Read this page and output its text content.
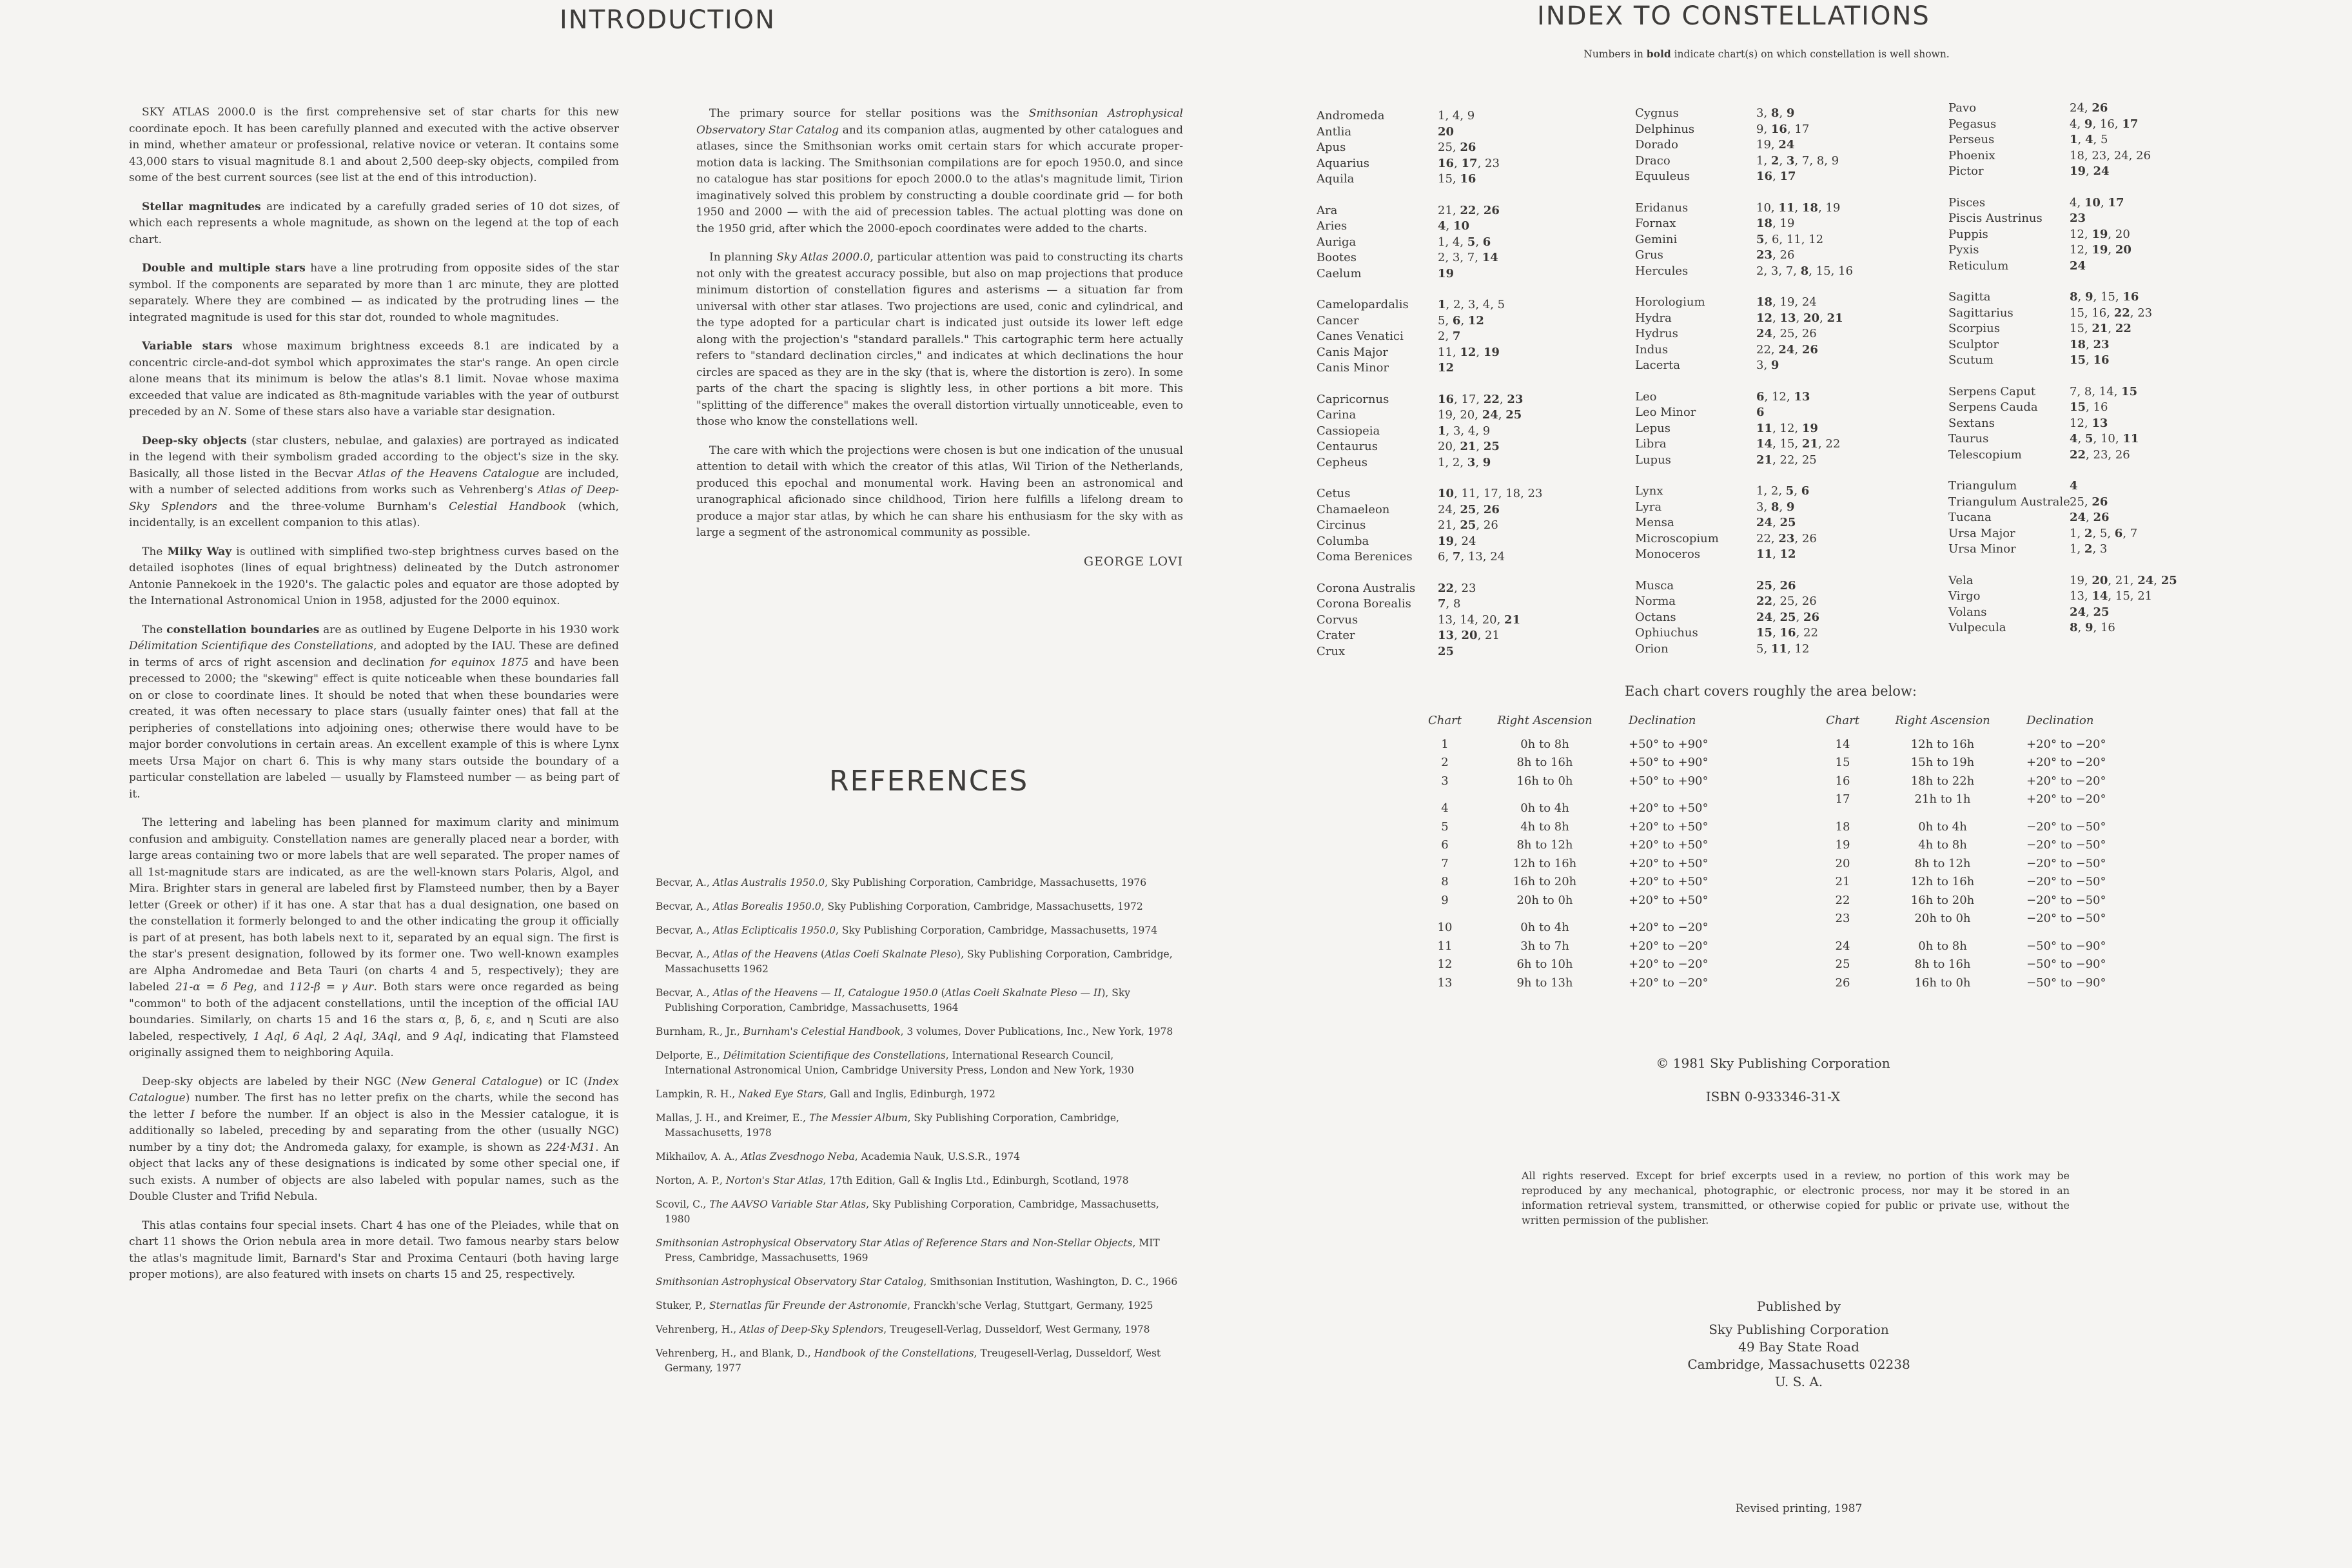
INTRODUCTION

SKY ATLAS 2000.0 is the first comprehensive set of star charts for this new coordinate epoch. It has been carefully planned and executed with the active observer in mind, whether amateur or professional, relative novice or veteran. It contains some 43,000 stars to visual magnitude 8.1 and about 2,500 deep-sky objects, compiled from some of the best current sources (see list at the end of this introduction).

Stellar magnitudes are indicated by a carefully graded series of 10 dot sizes, of which each represents a whole magnitude, as shown on the legend at the top of each chart.

Double and multiple stars have a line protruding from opposite sides of the star symbol. If the components are separated by more than 1 arc minute, they are plotted separately. Where they are combined — as indicated by the protruding lines — the integrated magnitude is used for this star dot, rounded to whole magnitudes.

Variable stars whose maximum brightness exceeds 8.1 are indicated by a concentric circle-and-dot symbol which approximates the star's range. An open circle alone means that its minimum is below the atlas's 8.1 limit. Novae whose maxima exceeded that value are indicated as 8th-magnitude variables with the year of outburst preceded by an N. Some of these stars also have a variable star designation.

Deep-sky objects (star clusters, nebulae, and galaxies) are portrayed as indicated in the legend with their symbolism graded according to the object's size in the sky. Basically, all those listed in the Becvar Atlas of the Heavens Catalogue are included, with a number of selected additions from works such as Vehrenberg's Atlas of Deep-Sky Splendors and the three-volume Burnham's Celestial Handbook (which, incidentally, is an excellent companion to this atlas).

The Milky Way is outlined with simplified two-step brightness curves based on the detailed isophotes (lines of equal brightness) delineated by the Dutch astronomer Antonie Pannekoek in the 1920's. The galactic poles and equator are those adopted by the International Astronomical Union in 1958, adjusted for the 2000 equinox.

The constellation boundaries are as outlined by Eugene Delporte in his 1930 work Délimitation Scientifique des Constellations, and adopted by the IAU. These are defined in terms of arcs of right ascension and declination for equinox 1875 and have been precessed to 2000; the "skewing" effect is quite noticeable when these boundaries fall on or close to coordinate lines. It should be noted that when these boundaries were created, it was often necessary to place stars (usually fainter ones) that fall at the peripheries of constellations into adjoining ones; otherwise there would have to be major border convolutions in certain areas. An excellent example of this is where Lynx meets Ursa Major on chart 6. This is why many stars outside the boundary of a particular constellation are labeled — usually by Flamsteed number — as being part of it.

The lettering and labeling has been planned for maximum clarity and minimum confusion and ambiguity. Constellation names are generally placed near a border, with large areas containing two or more labels that are well separated. The proper names of all 1st-magnitude stars are indicated, as are the well-known stars Polaris, Algol, and Mira. Brighter stars in general are labeled first by Flamsteed number, then by a Bayer letter (Greek or other) if it has one. A star that has a dual designation, one based on the constellation it formerly belonged to and the other indicating the group it officially is part of at present, has both labels next to it, separated by an equal sign. The first is the star's present designation, followed by its former one. Two well-known examples are Alpha Andromedae and Beta Tauri (on charts 4 and 5, respectively); they are labeled 21-α = δ Peg, and 112-β = γ Aur. Both stars were once regarded as being "common" to both of the adjacent constellations, until the inception of the official IAU boundaries. Similarly, on charts 15 and 16 the stars α, β, δ, ε, and η Scuti are also labeled, respectively, 1 Aql, 6 Aql, 2 Aql, 3Aql, and 9 Aql, indicating that Flamsteed originally assigned them to neighboring Aquila.

Deep-sky objects are labeled by their NGC (New General Catalogue) or IC (Index Catalogue) number. The first has no letter prefix on the charts, while the second has the letter I before the number. If an object is also in the Messier catalogue, it is additionally so labeled, preceding by and separating from the other (usually NGC) number by a tiny dot; the Andromeda galaxy, for example, is shown as 224·M31. An object that lacks any of these designations is indicated by some other special one, if such exists. A number of objects are also labeled with popular names, such as the Double Cluster and Trifid Nebula.

This atlas contains four special insets. Chart 4 has one of the Pleiades, while that on chart 11 shows the Orion nebula area in more detail. Two famous nearby stars below the atlas's magnitude limit, Barnard's Star and Proxima Centauri (both having large proper motions), are also featured with insets on charts 15 and 25, respectively.

The primary source for stellar positions was the Smithsonian Astrophysical Observatory Star Catalog and its companion atlas, augmented by other catalogues and atlases, since the Smithsonian works omit certain stars for which accurate proper-motion data is lacking. The Smithsonian compilations are for epoch 1950.0, and since no catalogue has star positions for epoch 2000.0 to the atlas's magnitude limit, Tirion imaginatively solved this problem by constructing a double coordinate grid — for both 1950 and 2000 — with the aid of precession tables. The actual plotting was done on the 1950 grid, after which the 2000-epoch coordinates were added to the charts.

In planning Sky Atlas 2000.0, particular attention was paid to constructing its charts not only with the greatest accuracy possible, but also on map projections that produce minimum distortion of constellation figures and asterisms — a situation far from universal with other star atlases. Two projections are used, conic and cylindrical, and the type adopted for a particular chart is indicated just outside its lower left edge along with the projection's "standard parallels." This cartographic term here actually refers to "standard declination circles," and indicates at which declinations the hour circles are spaced as they are in the sky (that is, where the distortion is zero). In some parts of the chart the spacing is slightly less, in other portions a bit more. This "splitting of the difference" makes the overall distortion virtually unnoticeable, even to those who know the constellations well.

The care with which the projections were chosen is but one indication of the unusual attention to detail with which the creator of this atlas, Wil Tirion of the Netherlands, produced this epochal and monumental work. Having been an astronomical and uranographical aficionado since childhood, Tirion here fulfills a lifelong dream to produce a major star atlas, by which he can share his enthusiasm for the sky with as large a segment of the astronomical community as possible.

GEORGE LOVI
REFERENCES

Becvar, A., Atlas Australis 1950.0, Sky Publishing Corporation, Cambridge, Massachusetts, 1976

Becvar, A., Atlas Borealis 1950.0, Sky Publishing Corporation, Cambridge, Massachusetts, 1972

Becvar, A., Atlas Eclipticalis 1950.0, Sky Publishing Corporation, Cambridge, Massachusetts, 1974

Becvar, A., Atlas of the Heavens (Atlas Coeli Skalnate Pleso), Sky Publishing Corporation, Cambridge, Massachusetts 1962

Becvar, A., Atlas of the Heavens — II, Catalogue 1950.0 (Atlas Coeli Skalnate Pleso — II), Sky Publishing Corporation, Cambridge, Massachusetts, 1964

Burnham, R., Jr., Burnham's Celestial Handbook, 3 volumes, Dover Publications, Inc., New York, 1978

Delporte, E., Délimitation Scientifique des Constellations, International Research Council, International Astronomical Union, Cambridge University Press, London and New York, 1930

Lampkin, R. H., Naked Eye Stars, Gall and Inglis, Edinburgh, 1972

Mallas, J. H., and Kreimer, E., The Messier Album, Sky Publishing Corporation, Cambridge, Massachusetts, 1978

Mikhailov, A. A., Atlas Zvesdnogo Neba, Academia Nauk, U.S.S.R., 1974

Norton, A. P., Norton's Star Atlas, 17th Edition, Gall & Inglis Ltd., Edinburgh, Scotland, 1978

Scovil, C., The AAVSO Variable Star Atlas, Sky Publishing Corporation, Cambridge, Massachusetts, 1980

Smithsonian Astrophysical Observatory Star Atlas of Reference Stars and Non-Stellar Objects, MIT Press, Cambridge, Massachusetts, 1969

Smithsonian Astrophysical Observatory Star Catalog, Smithsonian Institution, Washington, D. C., 1966

Stuker, P., Sternatlas für Freunde der Astronomie, Franckh'sche Verlag, Stuttgart, Germany, 1925

Vehrenberg, H., Atlas of Deep-Sky Splendors, Treugesell-Verlag, Dusseldorf, West Germany, 1978

Vehrenberg, H., and Blank, D., Handbook of the Constellations, Treugesell-Verlag, Dusseldorf, West Germany, 1977

INDEX TO CONSTELLATIONS
Numbers in bold indicate chart(s) on which constellation is well shown.
Andromeda	1, 4, 9
Antlia	20
Apus	25, 26
Aquarius	16, 17, 23
Aquila	15, 16
Ara	21, 22, 26
Aries	4, 10
Auriga	1, 4, 5, 6
Bootes	2, 3, 7, 14
Caelum	19
Camelopardalis	1, 2, 3, 4, 5
Cancer	5, 6, 12
Canes Venatici	2, 7
Canis Major	11, 12, 19
Canis Minor	12
Capricornus	16, 17, 22, 23
Carina	19, 20, 24, 25
Cassiopeia	1, 3, 4, 9
Centaurus	20, 21, 25
Cepheus	1, 2, 3, 9
Cetus	10, 11, 17, 18, 23
Chamaeleon	24, 25, 26
Circinus	21, 25, 26
Columba	19, 24
Coma Berenices	6, 7, 13, 24
Corona Australis	22, 23
Corona Borealis	7, 8
Corvus	13, 14, 20, 21
Crater	13, 20, 21
Crux	25
Cygnus	3, 8, 9
Delphinus	9, 16, 17
Dorado	19, 24
Draco	1, 2, 3, 7, 8, 9
Equuleus	16, 17
Eridanus	10, 11, 18, 19
Fornax	18, 19
Gemini	5, 6, 11, 12
Grus	23, 26
Hercules	2, 3, 7, 8, 15, 16
Horologium	18, 19, 24
Hydra	12, 13, 20, 21
Hydrus	24, 25, 26
Indus	22, 24, 26
Lacerta	3, 9
Leo	6, 12, 13
Leo Minor	6
Lepus	11, 12, 19
Libra	14, 15, 21, 22
Lupus	21, 22, 25
Lynx	1, 2, 5, 6
Lyra	3, 8, 9
Mensa	24, 25
Microscopium	22, 23, 26
Monoceros	11, 12
Musca	25, 26
Norma	22, 25, 26
Octans	24, 25, 26
Ophiuchus	15, 16, 22
Orion	5, 11, 12
Pavo	24, 26
Pegasus	4, 9, 16, 17
Perseus	1, 4, 5
Phoenix	18, 23, 24, 26
Pictor	19, 24
Pisces	4, 10, 17
Piscis Austrinus	23
Puppis	12, 19, 20
Pyxis	12, 19, 20
Reticulum	24
Sagitta	8, 9, 15, 16
Sagittarius	15, 16, 22, 23
Scorpius	15, 21, 22
Sculptor	18, 23
Scutum	15, 16
Serpens Caput	7, 8, 14, 15
Serpens Cauda	15, 16
Sextans	12, 13
Taurus	4, 5, 10, 11
Telescopium	22, 23, 26
Triangulum	4
Triangulum Australe 25, 26
Tucana	24, 26
Ursa Major	1, 2, 5, 6, 7
Ursa Minor	1, 2, 3
Vela	19, 20, 21, 24, 25
Virgo	13, 14, 15, 21
Volans	24, 25
Vulpecula	8, 9, 16
Each chart covers roughly the area below:
Chart	Right Ascension	Declination
1	0h to 8h	+50° to +90°
2	8h to 16h	+50° to +90°
3	16h to 0h	+50° to +90°
4	0h to 4h	+20° to +50°
5	4h to 8h	+20° to +50°
6	8h to 12h	+20° to +50°
7	12h to 16h	+20° to +50°
8	16h to 20h	+20° to +50°
9	20h to 0h	+20° to +50°
10	0h to 4h	+20° to −20°
11	3h to 7h	+20° to −20°
12	6h to 10h	+20° to −20°
13	9h to 13h	+20° to −20°
Chart	Right Ascension	Declination
14	12h to 16h	+20° to −20°
15	15h to 19h	+20° to −20°
16	18h to 22h	+20° to −20°
17	21h to 1h	+20° to −20°
18	0h to 4h	−20° to −50°
19	4h to 8h	−20° to −50°
20	8h to 12h	−20° to −50°
21	12h to 16h	−20° to −50°
22	16h to 20h	−20° to −50°
23	20h to 0h	−20° to −50°
24	0h to 8h	−50° to −90°
25	8h to 16h	−50° to −90°
26	16h to 0h	−50° to −90°
© 1981 Sky Publishing Corporation
ISBN 0-933346-31-X
All rights reserved. Except for brief excerpts used in a review, no portion of this work may be reproduced by any mechanical, photographic, or electronic process, nor may it be stored in an information retrieval system, transmitted, or otherwise copied for public or private use, without the written permission of the publisher.
Published by
Sky Publishing Corporation
49 Bay State Road
Cambridge, Massachusetts 02238
U. S. A.
Revised printing, 1987
